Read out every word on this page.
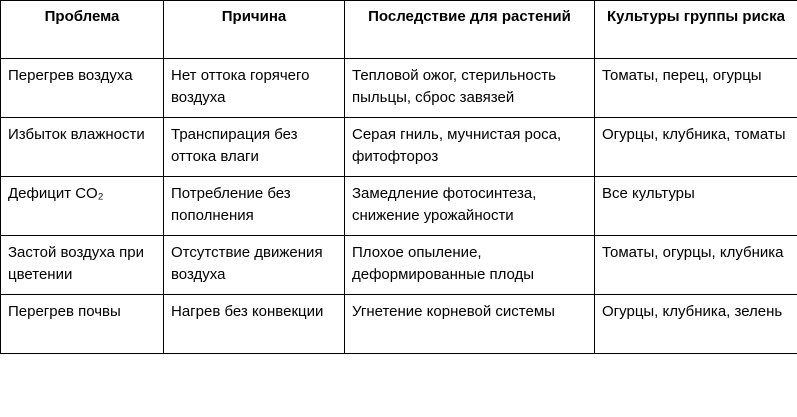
Проблема	Причина	Последствие для растений	Культуры группы риска
Перегрев воздуха	Нет оттока горячего воздуха	Тепловой ожог, стерильность пыльцы, сброс завязей	Томаты, перец, огурцы
Избыток влажности	Транспирация без оттока влаги	Серая гниль, мучнистая роса, фитофтороз	Огурцы, клубника, томаты
Дефицит CO₂	Потребление без пополнения	Замедление фотосинтеза, снижение урожайности	Все культуры
Застой воздуха при цветении	Отсутствие движения воздуха	Плохое опыление, деформированные плоды	Томаты, огурцы, клубника
Перегрев почвы	Нагрев без конвекции	Угнетение корневой системы	Огурцы, клубника, зелень
